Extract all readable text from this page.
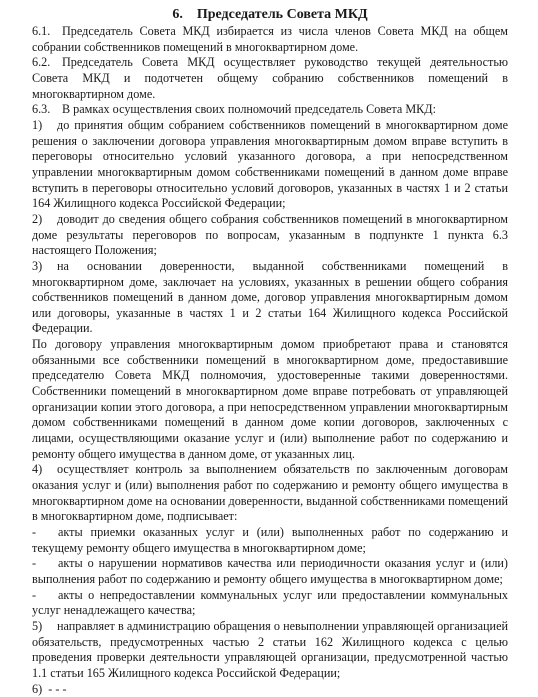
6. Председатель Совета МКД

6.1. Председатель Совета МКД избирается из числа членов Совета МКД на общем собрании собственников помещений в многоквартирном доме.

6.2. Председатель Совета МКД осуществляет руководство текущей деятельностью Совета МКД и подотчетен общему собранию собственников помещений в многоквартирном доме.

6.3. В рамках осуществления своих полномочий председатель Совета МКД:

1) до принятия общим собранием собственников помещений в многоквартирном доме решения о заключении договора управления многоквартирным домом вправе вступить в переговоры относительно условий указанного договора, а при непосредственном управлении многоквартирным домом собственниками помещений в данном доме вправе вступить в переговоры относительно условий договоров, указанных в частях 1 и 2 статьи 164 Жилищного кодекса Российской Федерации;

2) доводит до сведения общего собрания собственников помещений в многоквартирном доме результаты переговоров по вопросам, указанным в подпункте 1 пункта 6.3 настоящего Положения;

3) на основании доверенности, выданной собственниками помещений в многоквартирном доме, заключает на условиях, указанных в решении общего собрания собственников помещений в данном доме, договор управления многоквартирным домом или договоры, указанные в частях 1 и 2 статьи 164 Жилищного кодекса Российской Федерации.

По договору управления многоквартирным домом приобретают права и становятся обязанными все собственники помещений в многоквартирном доме, предоставившие председателю Совета МКД полномочия, удостоверенные такими доверенностями. Собственники помещений в многоквартирном доме вправе потребовать от управляющей организации копии этого договора, а при непосредственном управлении многоквартирным домом собственниками помещений в данном доме копии договоров, заключенных с лицами, осуществляющими оказание услуг и (или) выполнение работ по содержанию и ремонту общего имущества в данном доме, от указанных лиц.

4) осуществляет контроль за выполнением обязательств по заключенным договорам оказания услуг и (или) выполнения работ по содержанию и ремонту общего имущества в многоквартирном доме на основании доверенности, выданной собственниками помещений в многоквартирном доме, подписывает:

- акты приемки оказанных услуг и (или) выполненных работ по содержанию и текущему ремонту общего имущества в многоквартирном доме;

- акты о нарушении нормативов качества или периодичности оказания услуг и (или) выполнения работ по содержанию и ремонту общего имущества в многоквартирном доме;

- акты о непредоставлении коммунальных услуг или предоставлении коммунальных услуг ненадлежащего качества;

5) направляет в администрацию обращения о невыполнении управляющей организацией обязательств, предусмотренных частью 2 статьи 162 Жилищного кодекса с целью проведения проверки деятельности управляющей организации, предусмотренной частью 1.1 статьи 165 Жилищного кодекса Российской Федерации;

6) - - -
